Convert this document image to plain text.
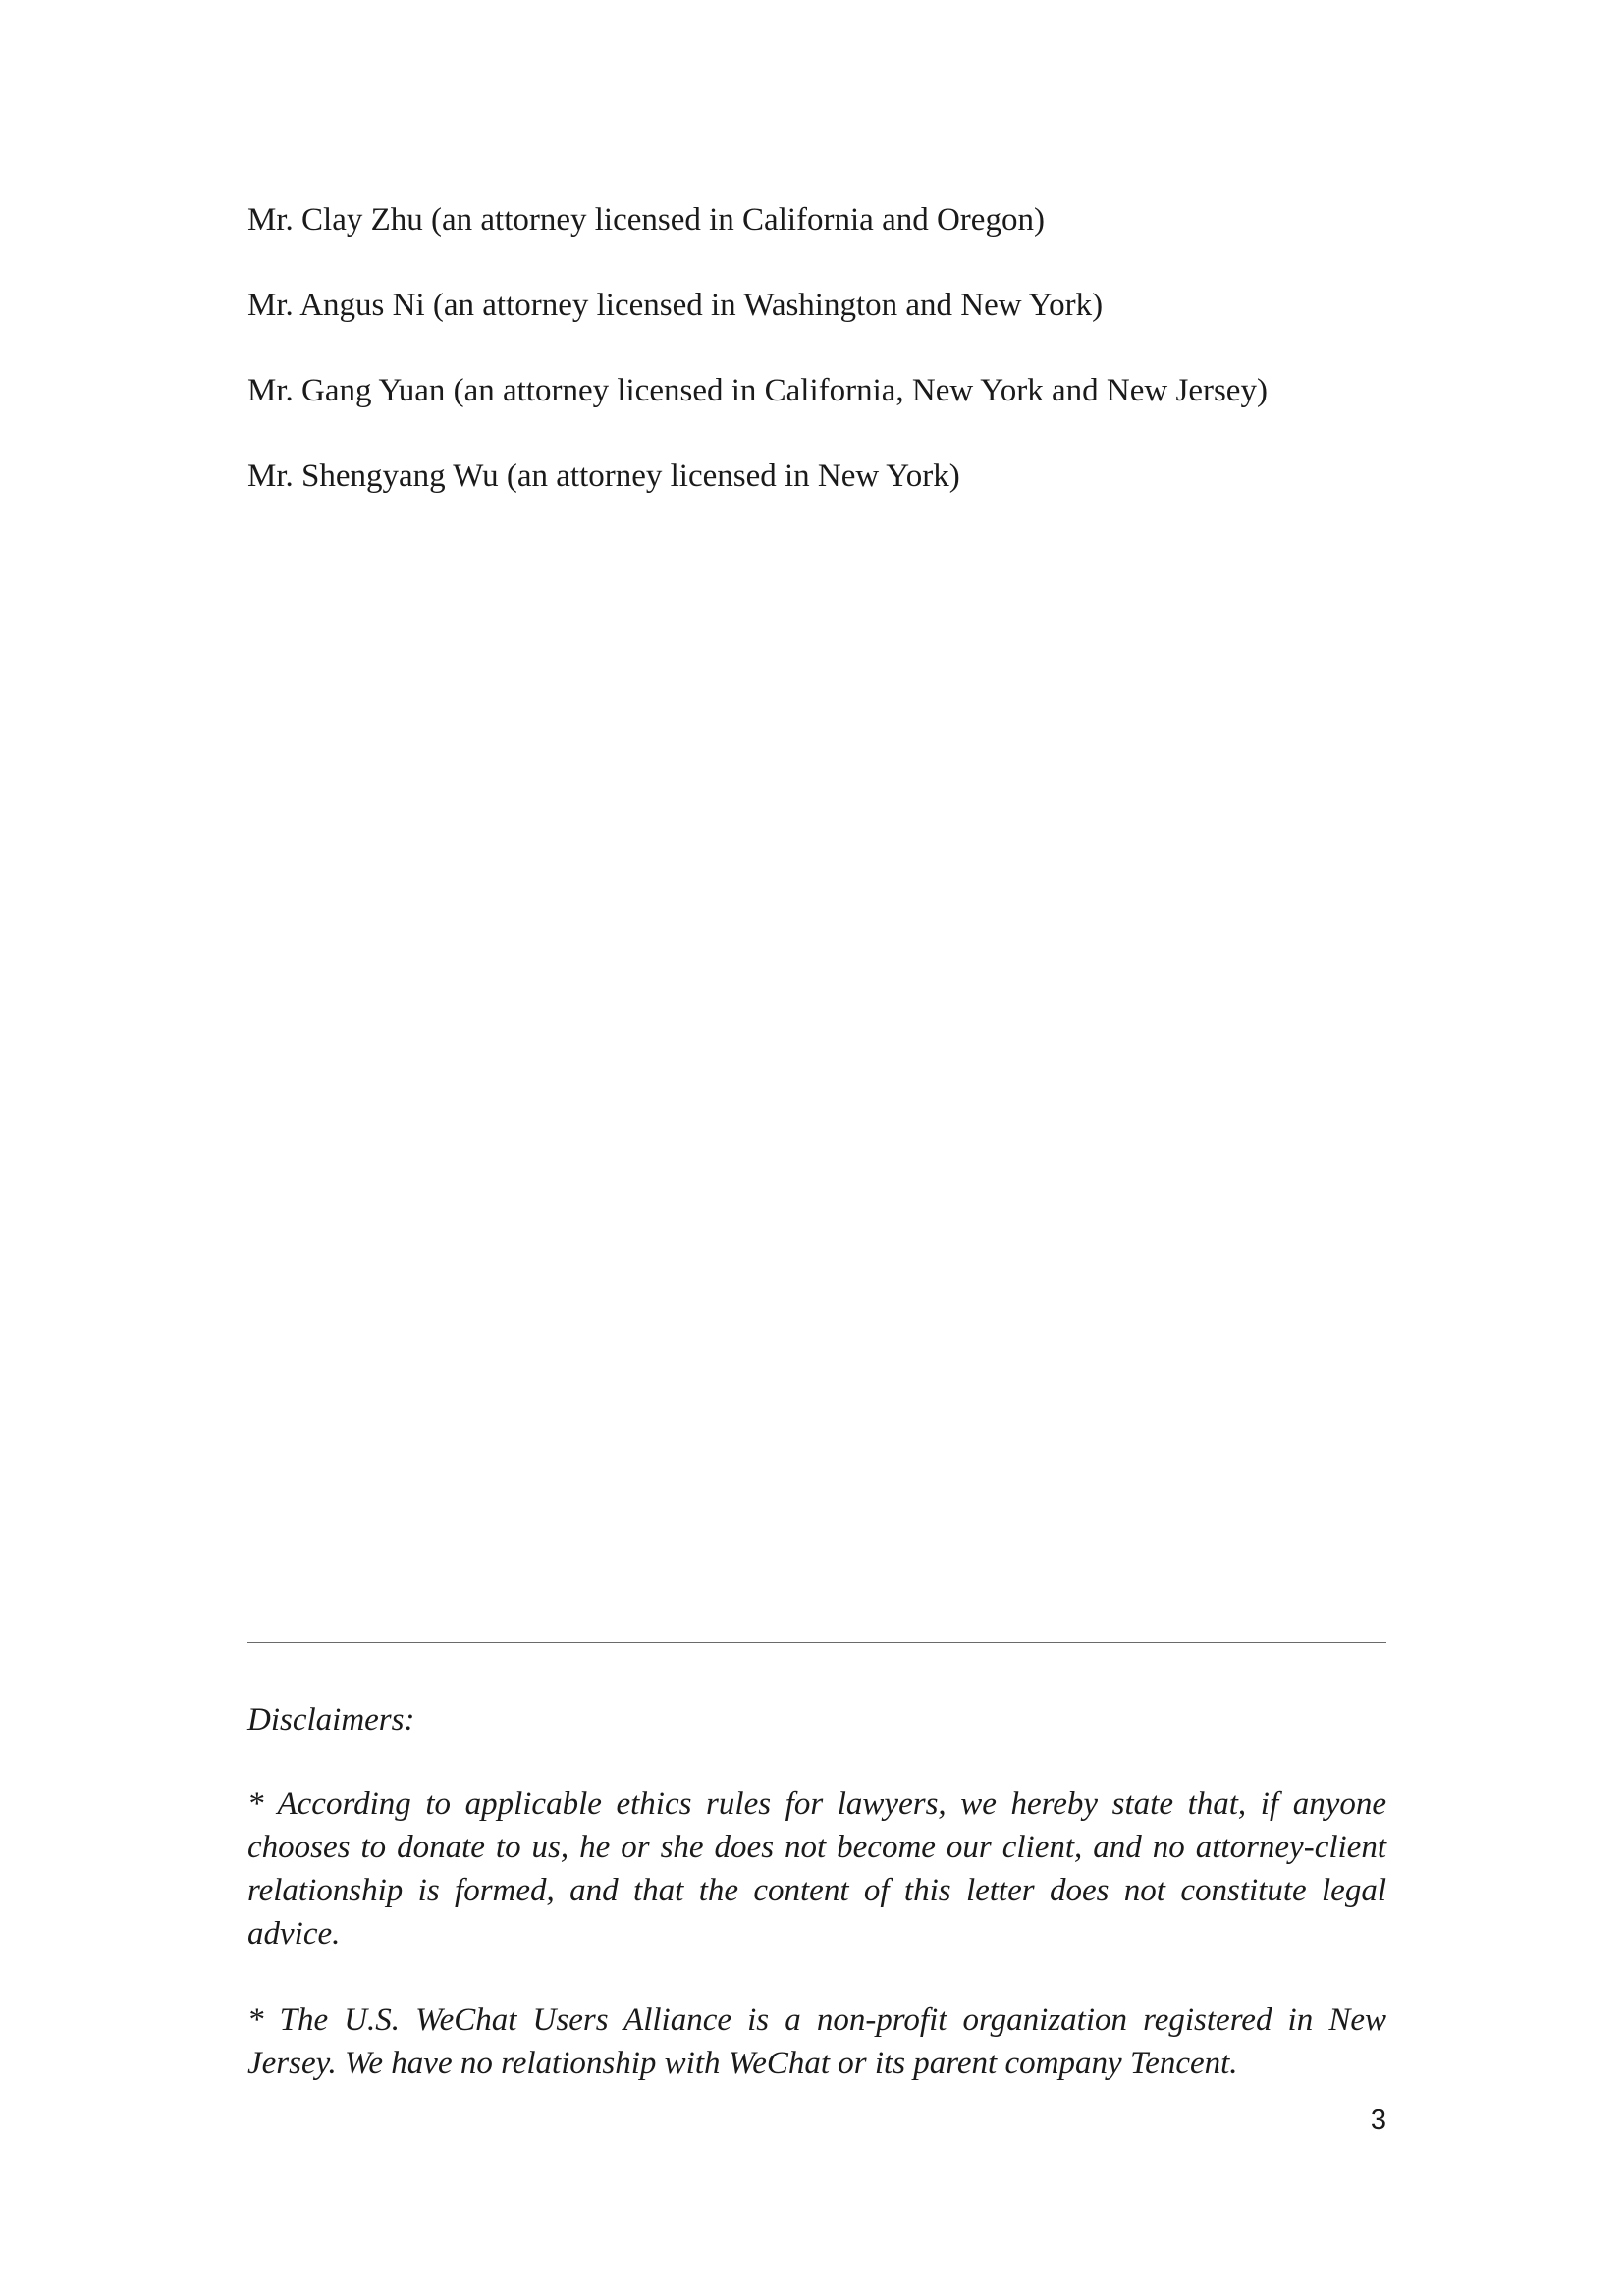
Mr. Clay Zhu (an attorney licensed in California and Oregon)
Mr. Angus Ni (an attorney licensed in Washington and New York)
Mr. Gang Yuan (an attorney licensed in California, New York and New Jersey)
Mr. Shengyang Wu (an attorney licensed in New York)

Disclaimers:

* According to applicable ethics rules for lawyers, we hereby state that, if anyone chooses to donate to us, he or she does not become our client, and no attorney-client relationship is formed, and that the content of this letter does not constitute legal advice.

* The U.S. WeChat Users Alliance is a non-profit organization registered in New Jersey. We have no relationship with WeChat or its parent company Tencent.

3
